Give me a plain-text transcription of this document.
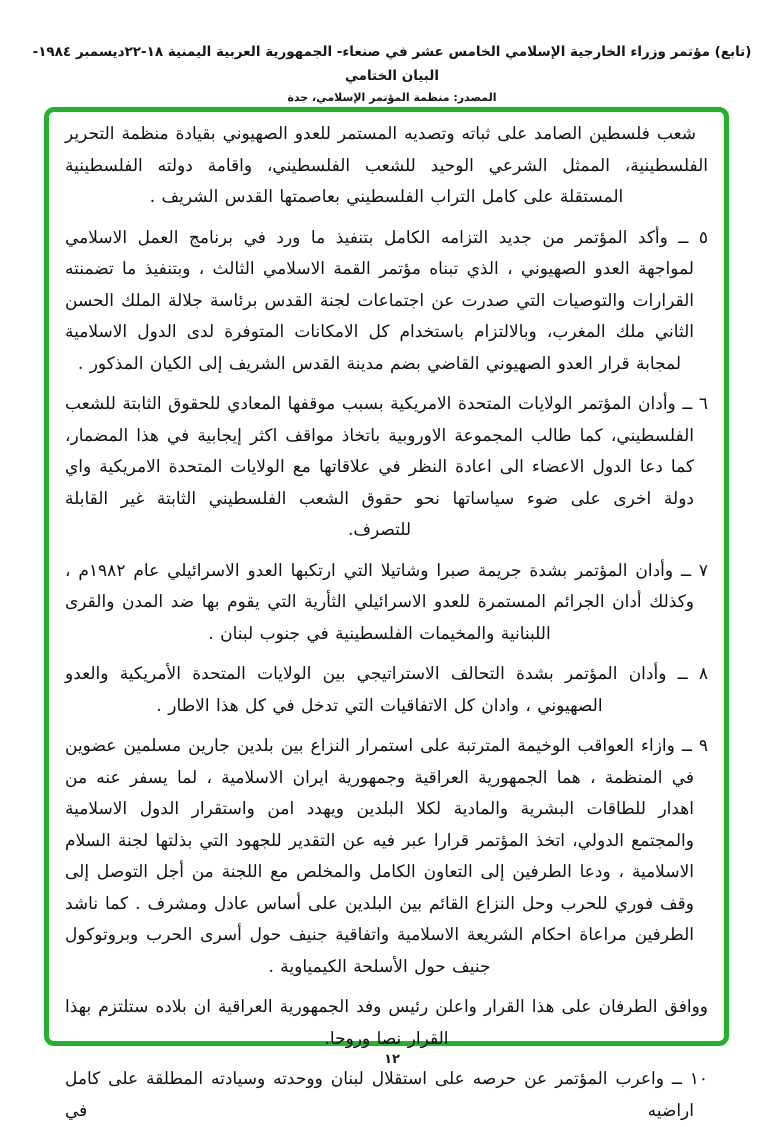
(تابع) مؤتمر وزراء الخارجية الإسلامي الخامس عشر في صنعاء- الجمهورية العربية اليمنية ١٨-٢٢ديسمبر ١٩٨٤-البيان الختامي
المصدر: منظمة المؤتمر الإسلامي، جدة

شعب فلسطين الصامد على ثباته وتصديه المستمر للعدو الصهيوني بقيادة منظمة التحرير الفلسطينية، الممثل الشرعي الوحيد للشعب الفلسطيني، واقامة دولته الفلسطينية المستقلة على كامل التراب الفلسطيني بعاصمتها القدس الشريف .

٥ ــ وأكد المؤتمر من جديد التزامه الكامل بتنفيذ ما ورد في برنامج العمل الاسلامي لمواجهة العدو الصهيوني ، الذي تبناه مؤتمر القمة الاسلامي الثالث ، وبتنفيذ ما تضمنته القرارات والتوصيات التي صدرت عن اجتماعات لجنة القدس برئاسة جلالة الملك الحسن الثاني ملك المغرب، وبالالتزام باستخدام كل الامكانات المتوفرة لدى الدول الاسلامية لمجابة قرار العدو الصهيوني القاضي بضم مدينة القدس الشريف إلى الكيان المذكور .

٦ ــ وأدان المؤتمر الولايات المتحدة الامريكية بسبب موقفها المعادي للحقوق الثابتة للشعب الفلسطيني، كما طالب المجموعة الاوروبية باتخاذ مواقف اكثر إيجابية في هذا المضمار، كما دعا الدول الاعضاء الى اعادة النظر في علاقاتها مع الولايات المتحدة الامريكية واي دولة اخرى على ضوء سياساتها نحو حقوق الشعب الفلسطيني الثابتة غير القابلة للتصرف.

٧ ــ وأدان المؤتمر بشدة جريمة صبرا وشاتيلا التي ارتكبها العدو الاسرائيلي عام ١٩٨٢م ، وكذلك أدان الجرائم المستمرة للعدو الاسرائيلي الثأرية التي يقوم بها ضد المدن والقرى اللبنانية والمخيمات الفلسطينية في جنوب لبنان .

٨ ــ وأدان المؤتمر بشدة التحالف الاستراتيجي بين الولايات المتحدة الأمريكية والعدو الصهيوني ، وادان كل الاتفاقيات التي تدخل في كل هذا الاطار .

٩ ــ وازاء العواقب الوخيمة المترتبة على استمرار النزاع بين بلدين جارين مسلمين عضوين في المنظمة ، هما الجمهورية العراقية وجمهورية ايران الاسلامية ، لما يسفر عنه من اهدار للطاقات البشرية والمادية لكلا البلدين ويهدد امن واستقرار الدول الاسلامية والمجتمع الدولي، اتخذ المؤتمر قرارا عبر فيه عن التقدير للجهود التي بذلتها لجنة السلام الاسلامية ، ودعا الطرفين إلى التعاون الكامل والمخلص مع اللجنة من أجل التوصل إلى وقف فوري للحرب وحل النزاع القائم بين البلدين على أساس عادل ومشرف . كما ناشد الطرفين مراعاة احكام الشريعة الاسلامية واتفاقية جنيف حول أسرى الحرب وبروتوكول جنيف حول الأسلحة الكيمياوية .

ووافق الطرفان على هذا القرار واعلن رئيس وفد الجمهورية العراقية ان بلاده ستلتزم بهذا القرار نصا وروحا.

١٠ ــ واعرب المؤتمر عن حرصه على استقلال لبنان ووحدته وسيادته المطلقة على كامل اراضيه في

١٢
